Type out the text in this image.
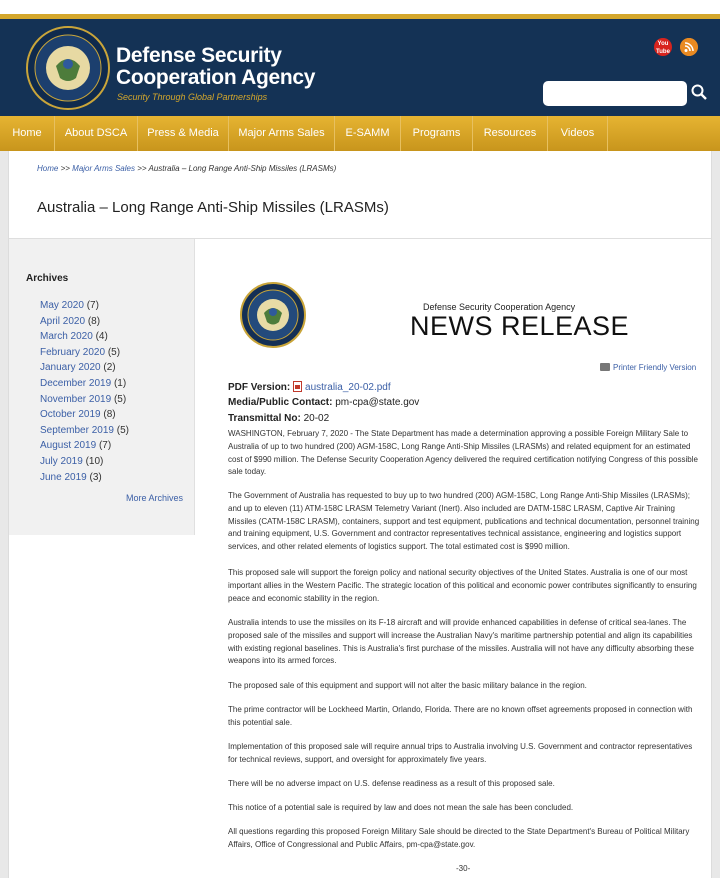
Defense Security
Cooperation Agency
Security Through Global Partnerships
You Tube
Home	About DSCA	Press & Media	Major Arms Sales	E-SAMM	Programs	Resources	Videos
Home >> Major Arms Sales >> Australia – Long Range Anti-Ship Missiles (LRASMs)
Australia – Long Range Anti-Ship Missiles (LRASMs)
Archives
May 2020 (7)
April 2020 (8)
March 2020 (4)
February 2020 (5)
January 2020 (2)
December 2019 (1)
November 2019 (5)
October 2019 (8)
September 2019 (5)
August 2019 (7)
July 2019 (10)
June 2019 (3)
More Archives
Defense Security Cooperation Agency
NEWS RELEASE
Printer Friendly Version
PDF Version: australia_20-02.pdf
Media/Public Contact: pm-cpa@state.gov
Transmittal No: 20-02
WASHINGTON, February 7, 2020 - The State Department has made a determination approving a possible Foreign Military Sale to Australia of up to two hundred (200) AGM-158C, Long Range Anti-Ship Missiles (LRASMs) and related equipment for an estimated cost of $990 million. The Defense Security Cooperation Agency delivered the required certification notifying Congress of this possible sale today.
The Government of Australia has requested to buy up to two hundred (200) AGM-158C, Long Range Anti-Ship Missiles (LRASMs); and up to eleven (11) ATM-158C LRASM Telemetry Variant (Inert). Also included are DATM-158C LRASM, Captive Air Training Missiles (CATM-158C LRASM), containers, support and test equipment, publications and technical documentation, personnel training and training equipment, U.S. Government and contractor representatives technical assistance, engineering and logistics support services, and other related elements of logistics support. The total estimated cost is $990 million.
This proposed sale will support the foreign policy and national security objectives of the United States. Australia is one of our most important allies in the Western Pacific. The strategic location of this political and economic power contributes significantly to ensuring peace and economic stability in the region.
Australia intends to use the missiles on its F-18 aircraft and will provide enhanced capabilities in defense of critical sea-lanes. The proposed sale of the missiles and support will increase the Australian Navy's maritime partnership potential and align its capabilities with existing regional baselines. This is Australia's first purchase of the missiles. Australia will not have any difficulty absorbing these weapons into its armed forces.
The proposed sale of this equipment and support will not alter the basic military balance in the region.
The prime contractor will be Lockheed Martin, Orlando, Florida. There are no known offset agreements proposed in connection with this potential sale.
Implementation of this proposed sale will require annual trips to Australia involving U.S. Government and contractor representatives for technical reviews, support, and oversight for approximately five years.
There will be no adverse impact on U.S. defense readiness as a result of this proposed sale.
This notice of a potential sale is required by law and does not mean the sale has been concluded.
All questions regarding this proposed Foreign Military Sale should be directed to the State Department's Bureau of Political Military Affairs, Office of Congressional and Public Affairs, pm-cpa@state.gov.
-30-
